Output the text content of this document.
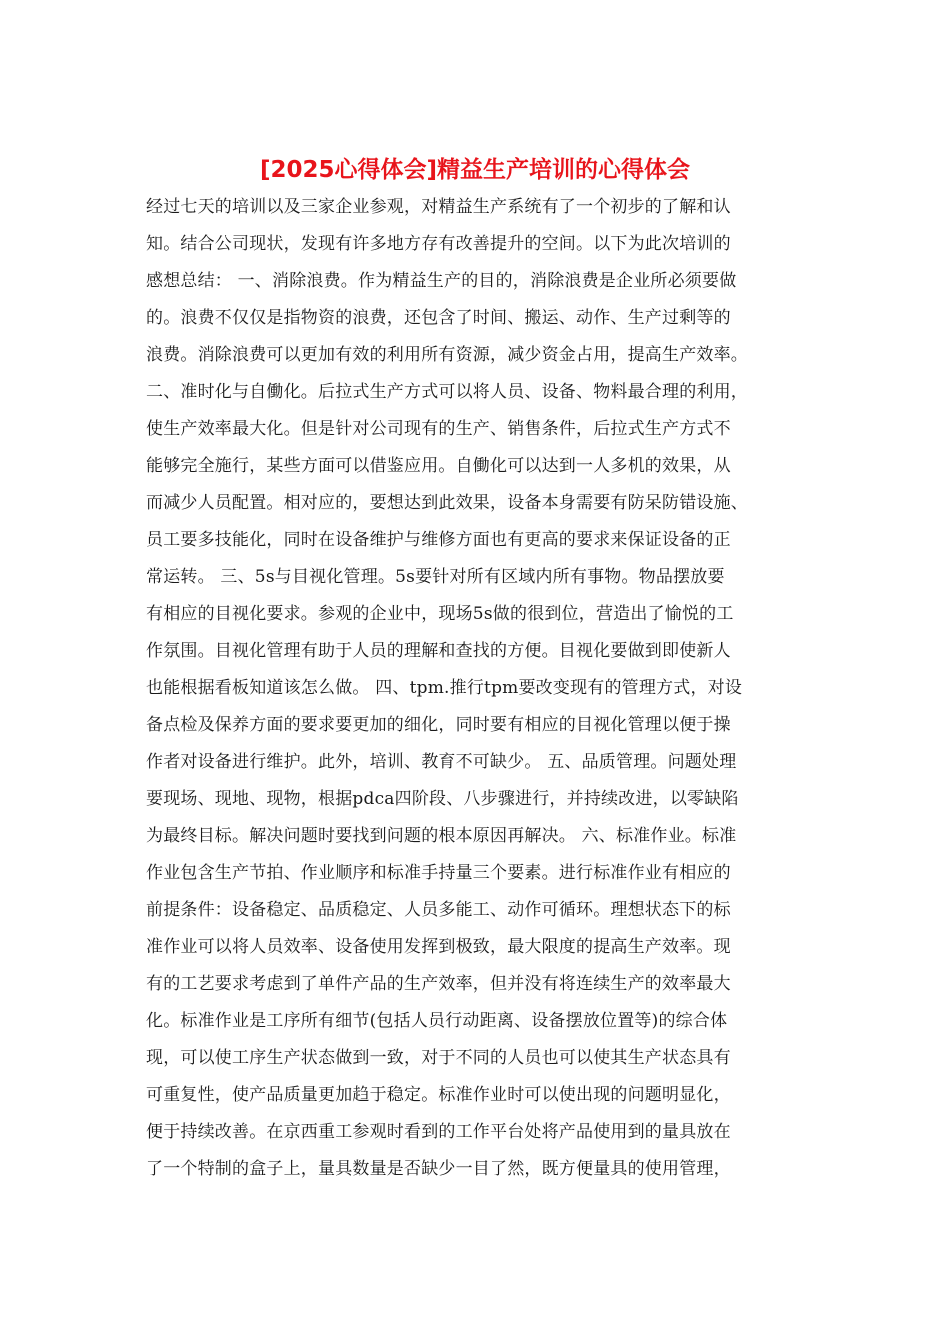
[2025心得体会]精益生产培训的心得体会
经过七天的培训以及三家企业参观，对精益生产系统有了一个初步的了解和认
知。结合公司现状，发现有许多地方存有改善提升的空间。以下为此次培训的
感想总结： 一、消除浪费。作为精益生产的目的，消除浪费是企业所必须要做
的。浪费不仅仅是指物资的浪费，还包含了时间、搬运、动作、生产过剩等的
浪费。消除浪费可以更加有效的利用所有资源，减少资金占用，提高生产效率。
二、准时化与自働化。后拉式生产方式可以将人员、设备、物料最合理的利用，
使生产效率最大化。但是针对公司现有的生产、销售条件，后拉式生产方式不
能够完全施行，某些方面可以借鉴应用。自働化可以达到一人多机的效果，从
而减少人员配置。相对应的，要想达到此效果，设备本身需要有防呆防错设施、
员工要多技能化，同时在设备维护与维修方面也有更高的要求来保证设备的正
常运转。 三、5s与目视化管理。5s要针对所有区域内所有事物。物品摆放要
有相应的目视化要求。参观的企业中，现场5s做的很到位，营造出了愉悦的工
作氛围。目视化管理有助于人员的理解和查找的方便。目视化要做到即使新人
也能根据看板知道该怎么做。 四、tpm.推行tpm要改变现有的管理方式，对设
备点检及保养方面的要求要更加的细化，同时要有相应的目视化管理以便于操
作者对设备进行维护。此外，培训、教育不可缺少。 五、品质管理。问题处理
要现场、现地、现物，根据pdca四阶段、八步骤进行，并持续改进，以零缺陷
为最终目标。解决问题时要找到问题的根本原因再解决。 六、标准作业。标准
作业包含生产节拍、作业顺序和标准手持量三个要素。进行标准作业有相应的
前提条件：设备稳定、品质稳定、人员多能工、动作可循环。理想状态下的标
准作业可以将人员效率、设备使用发挥到极致，最大限度的提高生产效率。现
有的工艺要求考虑到了单件产品的生产效率，但并没有将连续生产的效率最大
化。标准作业是工序所有细节(包括人员行动距离、设备摆放位置等)的综合体
现，可以使工序生产状态做到一致，对于不同的人员也可以使其生产状态具有
可重复性，使产品质量更加趋于稳定。标准作业时可以使出现的问题明显化，
便于持续改善。在京西重工参观时看到的工作平台处将产品使用到的量具放在
了一个特制的盒子上，量具数量是否缺少一目了然，既方便量具的使用管理，
